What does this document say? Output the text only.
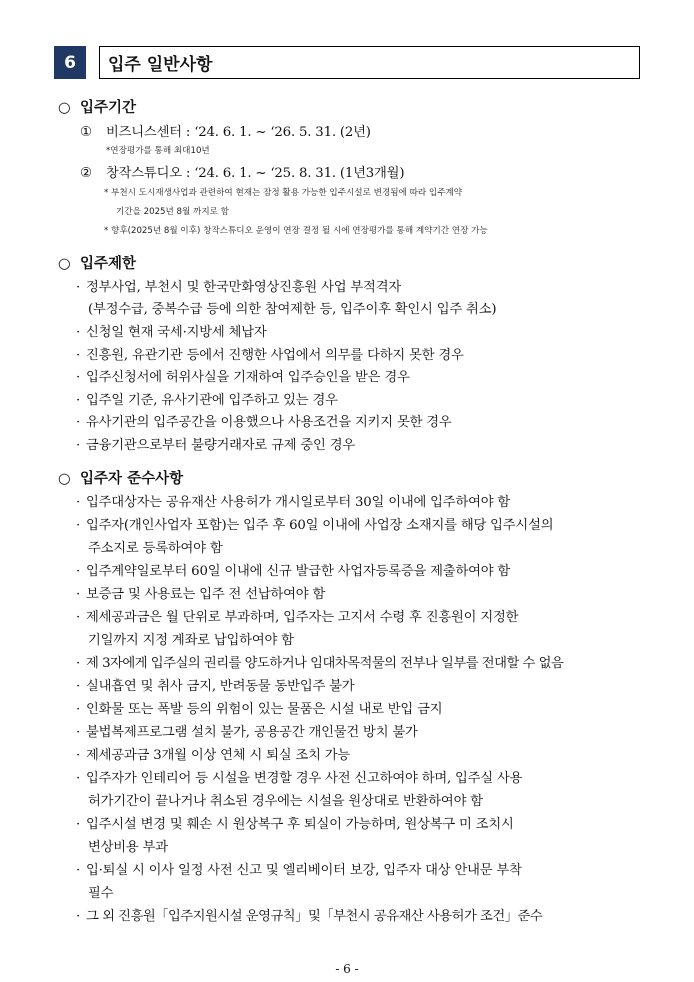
6	입주 일반사항
○ 입주기간
① 비즈니스센터 : ‘24. 6. 1. ~ ‘26. 5. 31. (2년)
*연장평가를 통해 최대10년
② 창작스튜디오 : ‘24. 6. 1. ~ ‘25. 8. 31. (1년3개월)
* 부천시 도시재생사업과 관련하여 현재는 잠정 활용 가능한 입주시설로 변경됨에 따라 입주계약
기간을 2025년 8월 까지로 함
* 향후(2025년 8월 이후) 창작스튜디오 운영이 연장 결정 될 시에 연장평가를 통해 계약기간 연장 가능
○ 입주제한
· 정부사업, 부천시 및 한국만화영상진흥원 사업 부적격자
(부정수급, 중복수급 등에 의한 참여제한 등, 입주이후 확인시 입주 취소)
· 신청일 현재 국세·지방세 체납자
· 진흥원, 유관기관 등에서 진행한 사업에서 의무를 다하지 못한 경우
· 입주신청서에 허위사실을 기재하여 입주승인을 받은 경우
· 입주일 기준, 유사기관에 입주하고 있는 경우
· 유사기관의 입주공간을 이용했으나 사용조건을 지키지 못한 경우
· 금융기관으로부터 불량거래자로 규제 중인 경우
○ 입주자 준수사항
· 입주대상자는 공유재산 사용허가 개시일로부터 30일 이내에 입주하여야 함
· 입주자(개인사업자 포함)는 입주 후 60일 이내에 사업장 소재지를 해당 입주시설의
주소지로 등록하여야 함
· 입주계약일로부터 60일 이내에 신규 발급한 사업자등록증을 제출하여야 함
· 보증금 및 사용료는 입주 전 선납하여야 함
· 제세공과금은 월 단위로 부과하며, 입주자는 고지서 수령 후 진흥원이 지정한
기일까지 지정 계좌로 납입하여야 함
· 제 3자에게 입주실의 권리를 양도하거나 임대차목적물의 전부나 일부를 전대할 수 없음
· 실내흡연 및 취사 금지, 반려동물 동반입주 불가
· 인화물 또는 폭발 등의 위험이 있는 물품은 시설 내로 반입 금지
· 불법복제프로그램 설치 불가, 공용공간 개인물건 방치 불가
· 제세공과금 3개월 이상 연체 시 퇴실 조치 가능
· 입주자가 인테리어 등 시설을 변경할 경우 사전 신고하여야 하며, 입주실 사용
허가기간이 끝나거나 취소된 경우에는 시설을 원상대로 반환하여야 함
· 입주시설 변경 및 훼손 시 원상복구 후 퇴실이 가능하며, 원상복구 미 조치시
변상비용 부과
· 입·퇴실 시 이사 일정 사전 신고 및 엘리베이터 보강, 입주자 대상 안내문 부착
필수
· 그 외 진흥원「입주지원시설 운영규칙」및「부천시 공유재산 사용허가 조건」준수
- 6 -
